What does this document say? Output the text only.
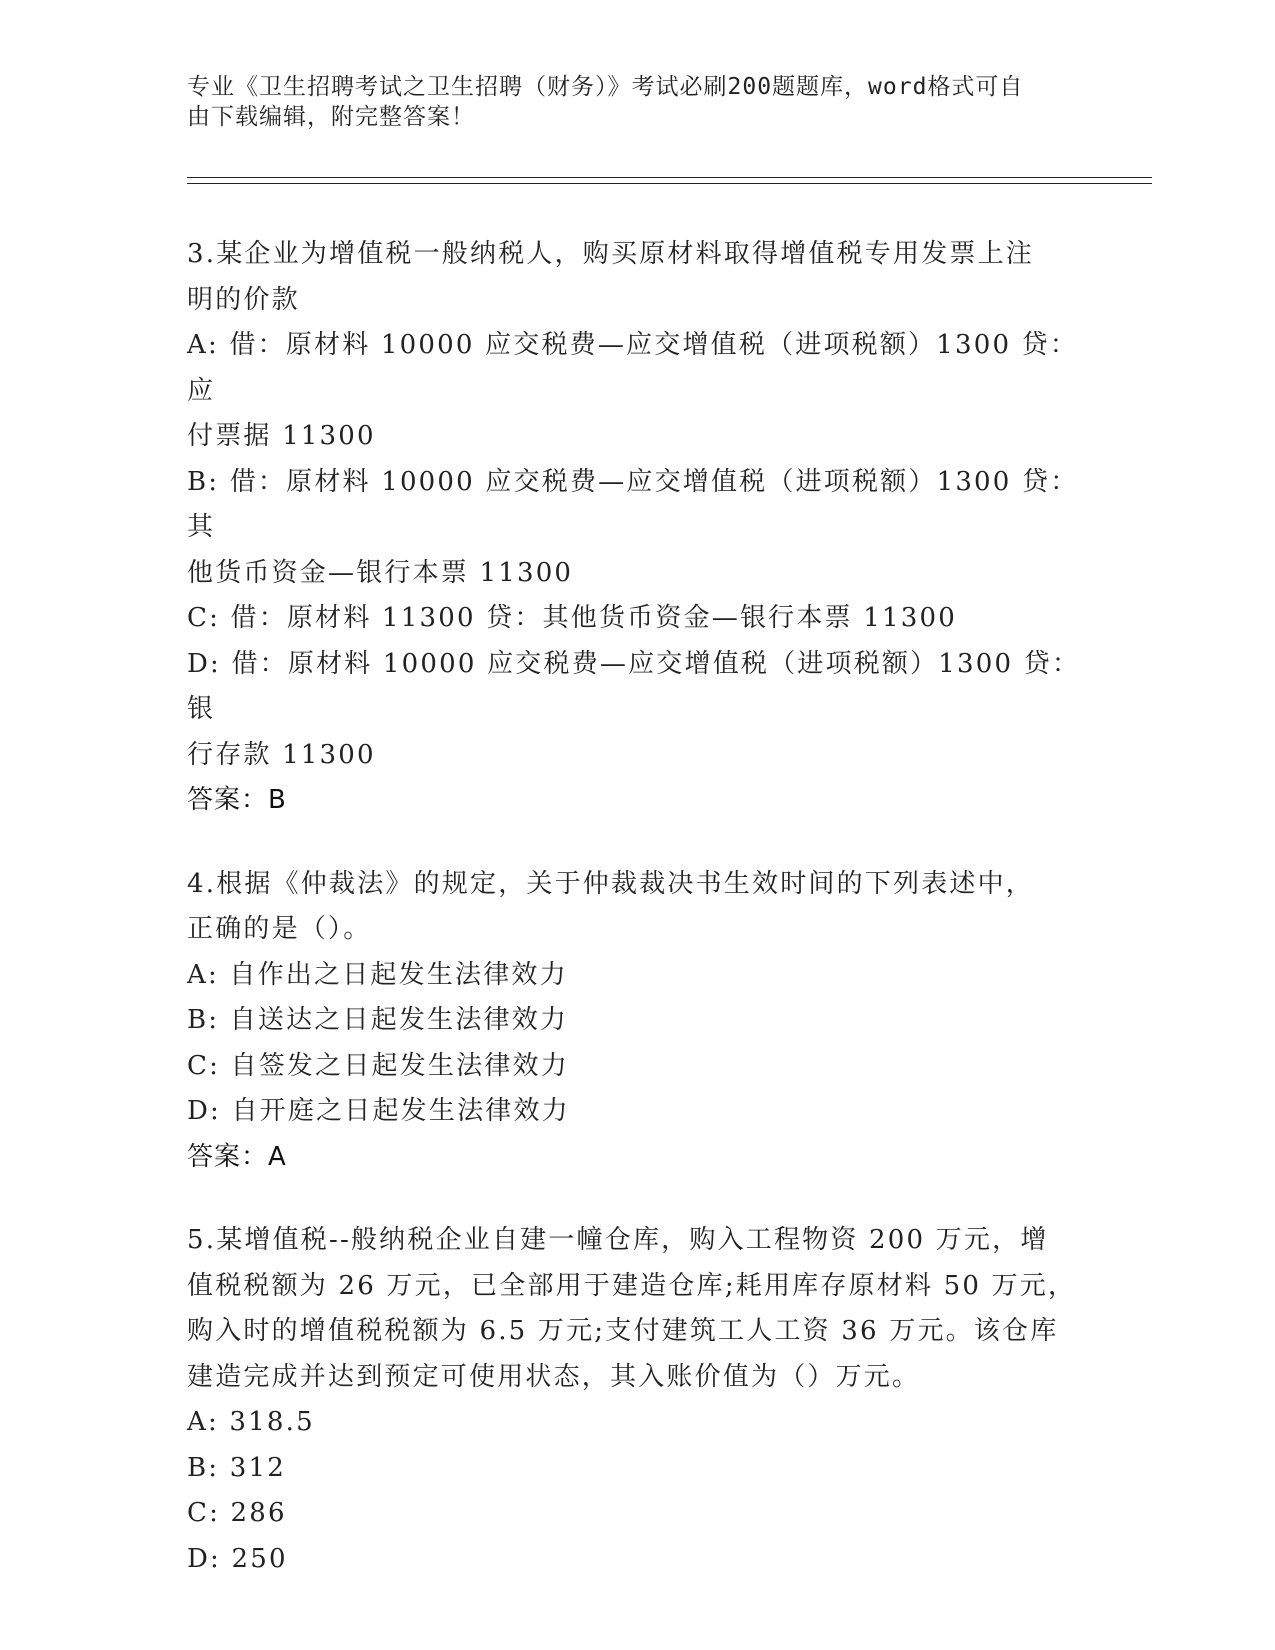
专业《卫生招聘考试之卫生招聘（财务）》考试必刷200题题库，word格式可自
由下载编辑，附完整答案！
3.某企业为增值税一般纳税人，购买原材料取得增值税专用发票上注
明的价款
A: 借：原材料 10000 应交税费—应交增值税（进项税额）1300 贷：应
付票据 11300
B: 借：原材料 10000 应交税费—应交增值税（进项税额）1300 贷：其
他货币资金—银行本票 11300
C: 借：原材料 11300 贷：其他货币资金—银行本票 11300
D: 借：原材料 10000 应交税费—应交增值税（进项税额）1300 贷：银
行存款 11300
答案：B
4.根据《仲裁法》的规定，关于仲裁裁决书生效时间的下列表述中，
正确的是（）。
A: 自作出之日起发生法律效力
B: 自送达之日起发生法律效力
C: 自签发之日起发生法律效力
D: 自开庭之日起发生法律效力
答案：A
5.某增值税--般纳税企业自建一幢仓库，购入工程物资 200 万元，增
值税税额为 26 万元，已全部用于建造仓库;耗用库存原材料 50 万元，
购入时的增值税税额为 6.5 万元;支付建筑工人工资 36 万元。该仓库
建造完成并达到预定可使用状态，其入账价值为（）万元。
A: 318.5
B: 312
C: 286
D: 250
